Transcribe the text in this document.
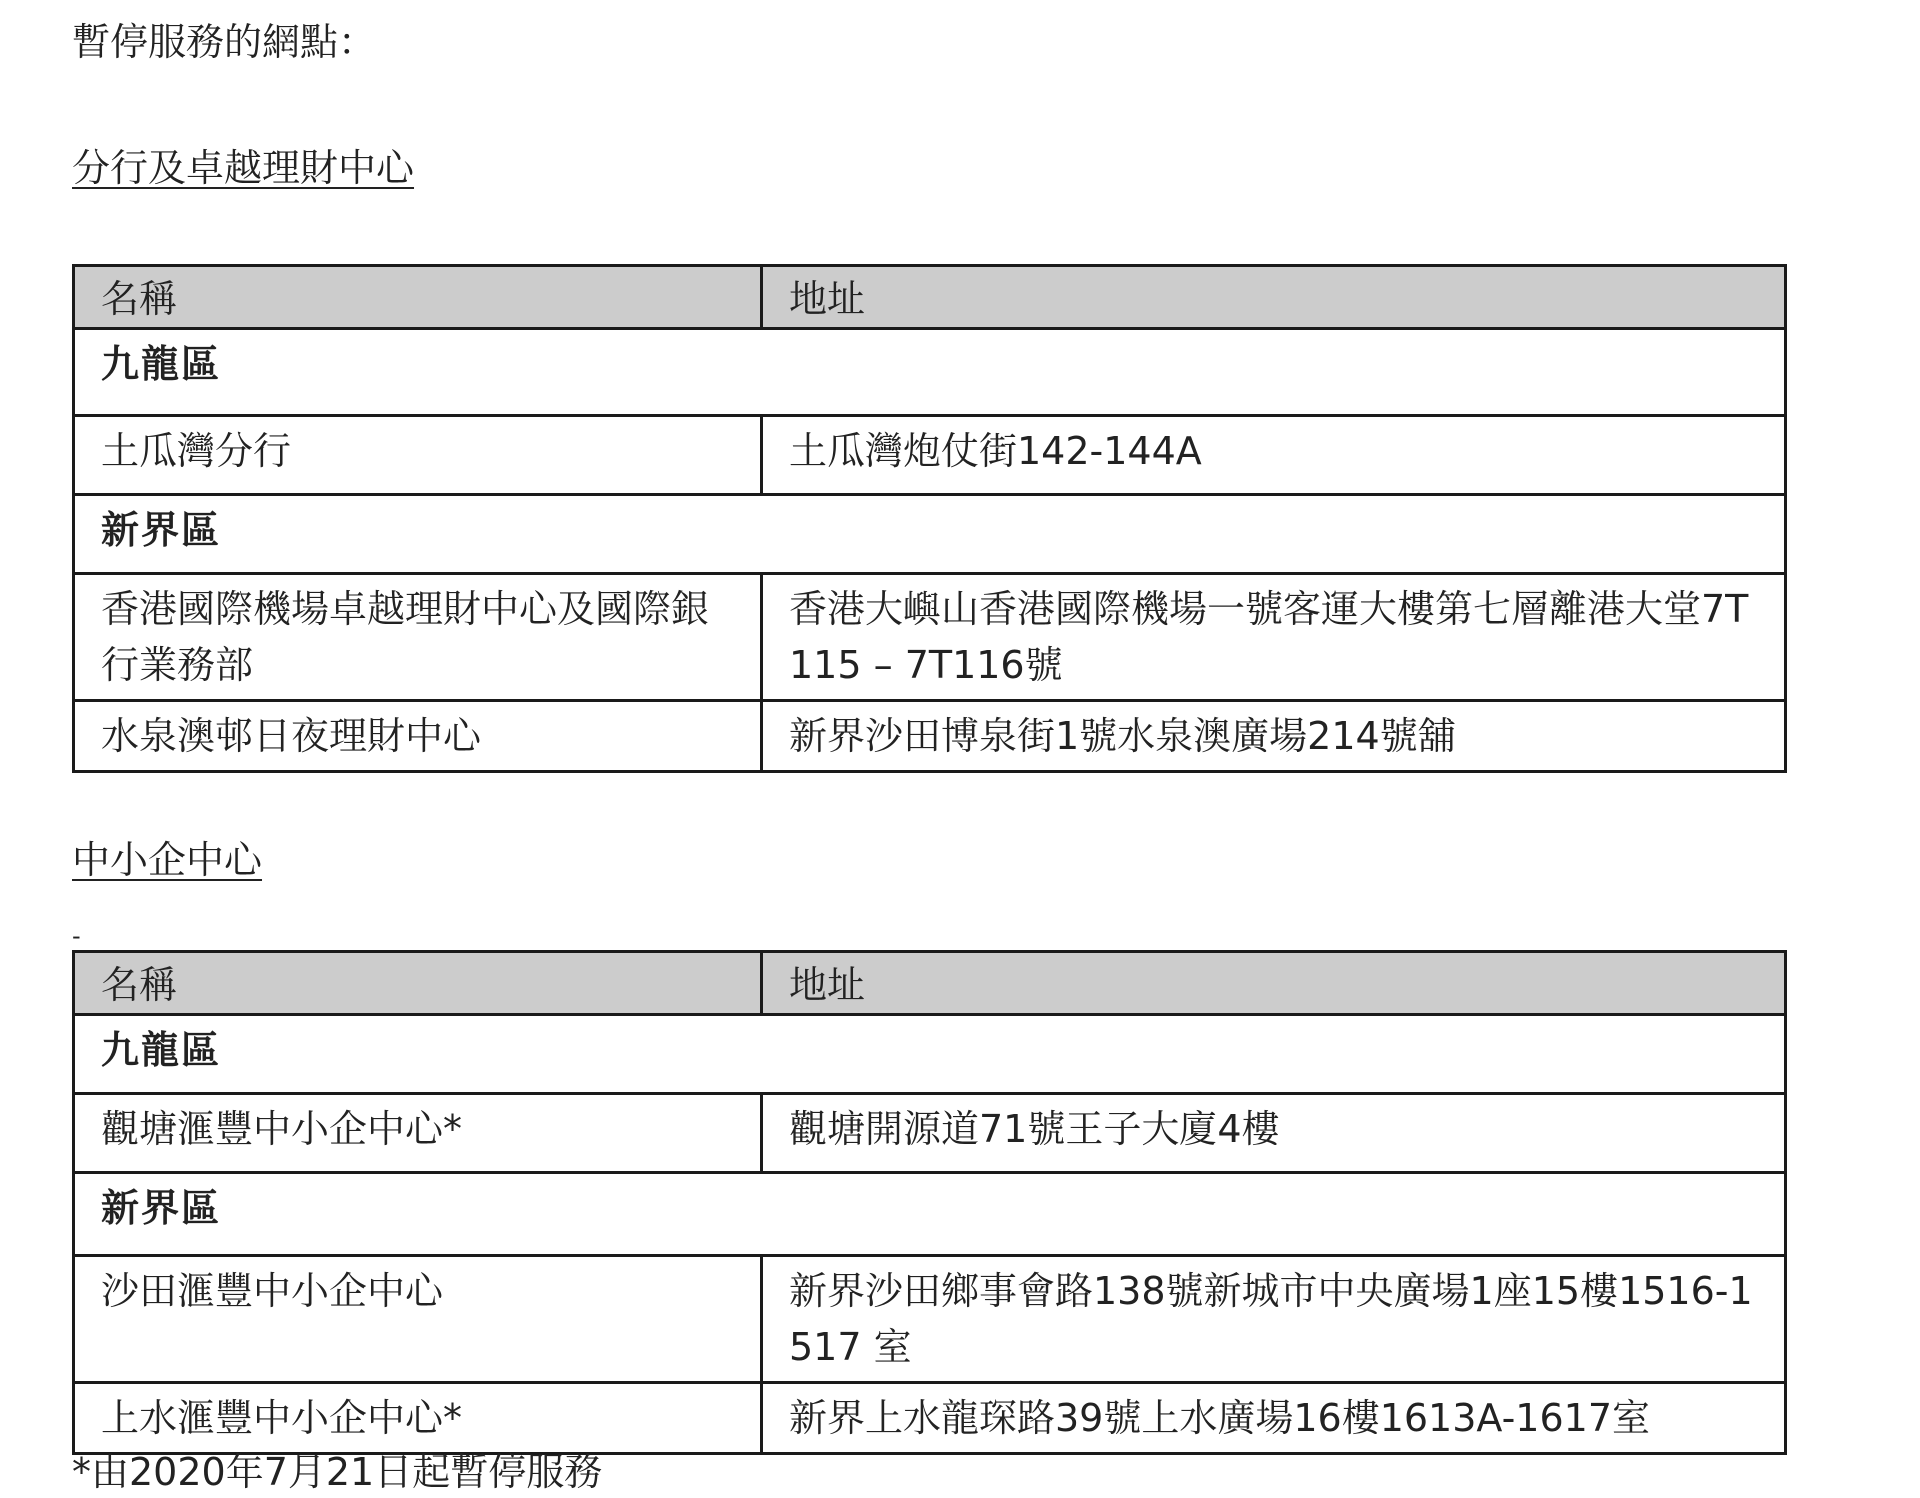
暫停服務的網點：
分行及卓越理財中心
名稱	地址
九龍區	
土瓜灣分行	土瓜灣炮仗街142-144A
新界區	
香港國際機場卓越理財中心及國際銀行業務部	香港大嶼山香港國際機場一號客運大樓第七層離港大堂7T115 – 7T116號
水泉澳邨日夜理財中心	新界沙田博泉街1號水泉澳廣場214號舖
中小企中心
-
名稱	地址
九龍區	
觀塘滙豐中小企中心*	觀塘開源道71號王子大廈4樓
新界區	
沙田滙豐中小企中心	新界沙田鄉事會路138號新城市中央廣場1座15樓1516-1517 室
上水滙豐中小企中心*	新界上水龍琛路39號上水廣場16樓1613A-1617室
*由2020年7月21日起暫停服務
